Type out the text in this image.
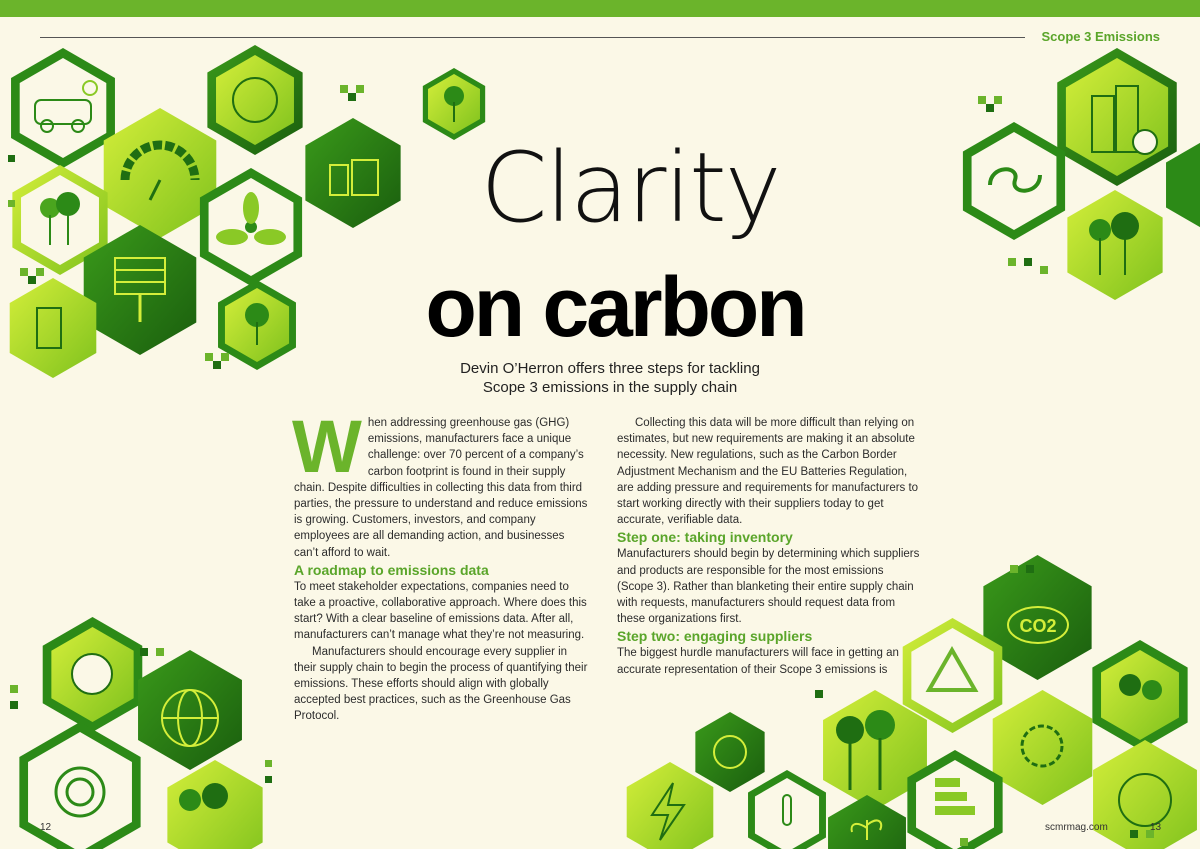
Scope 3 Emissions
CO2
Clarity
on carbon
Devin O’Herron offers three steps for tackling
Scope 3 emissions in the supply chain

When addressing greenhouse gas (GHG) emissions, manufacturers face a unique challenge: over 70 percent of a company’s carbon footprint is found in their supply chain. Despite difficulties in collecting this data from third parties, the pressure to understand and reduce emissions is growing. Customers, investors, and company employees are all demanding action, and businesses can’t afford to wait.

A roadmap to emissions data

To meet stakeholder expectations, companies need to take a proactive, collaborative approach. Where does this start? With a clear baseline of emissions data. After all, manufacturers can’t manage what they’re not measuring.

Manufacturers should encourage every supplier in their supply chain to begin the process of quantifying their emissions. These efforts should align with globally accepted best practices, such as the Greenhouse Gas Protocol.

Collecting this data will be more difficult than relying on estimates, but new requirements are making it an absolute necessity. New regulations, such as the Carbon Border Adjustment Mechanism and the EU Batteries Regulation, are adding pressure and requirements for manufacturers to start working directly with their suppliers today to get accurate, verifiable data.

Step one: taking inventory

Manufacturers should begin by determining which suppliers and products are responsible for the most emissions (Scope 3). Rather than blanketing their entire supply chain with requests, manufacturers should request data from these organizations first.

Step two: engaging suppliers

The biggest hurdle manufacturers will face in getting an accurate representation of their Scope 3 emissions is

12	scmrmag.com	13
